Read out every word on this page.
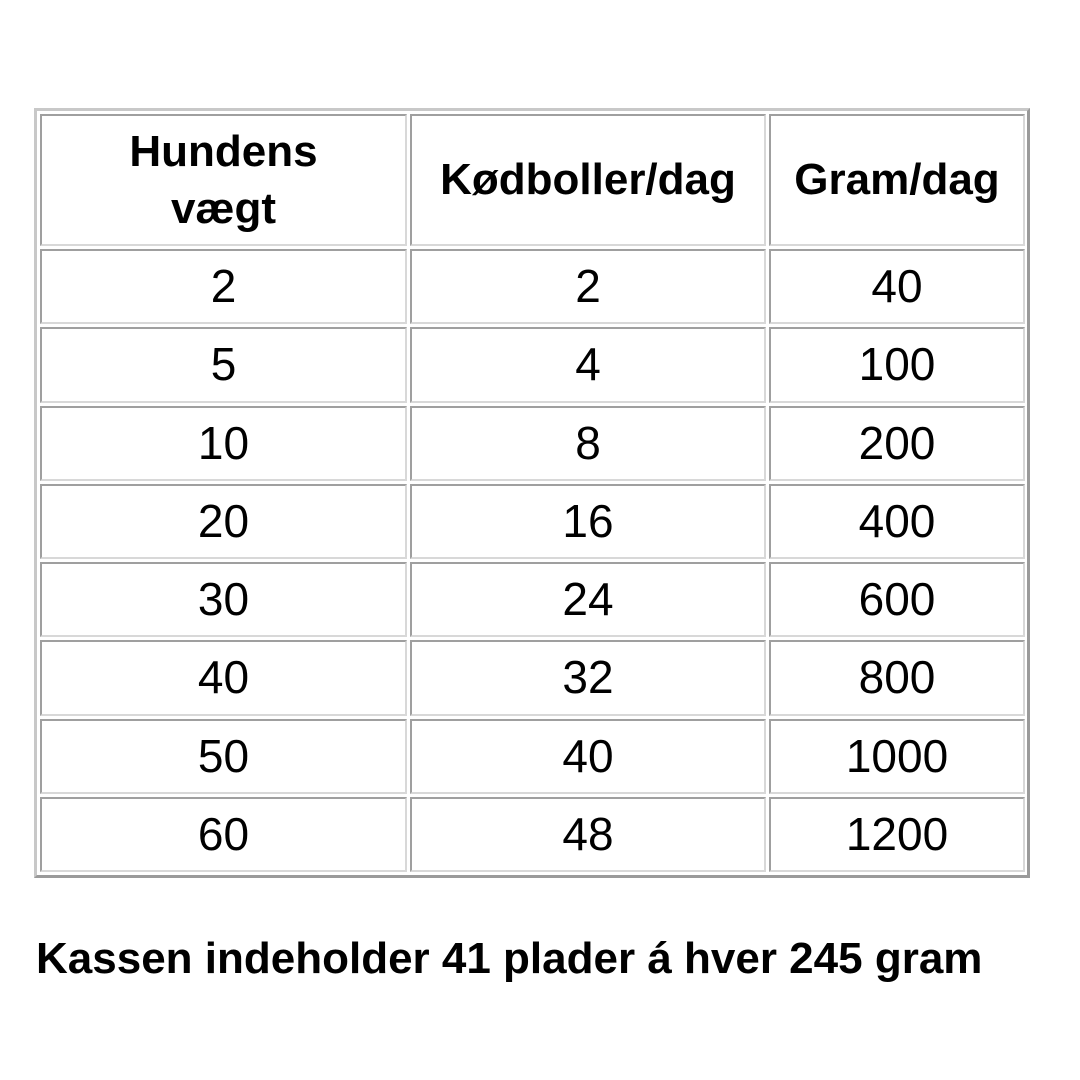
Hundens
vægt	Kødboller/dag	Gram/dag
2	2	40
5	4	100
10	8	200
20	16	400
30	24	600
40	32	800
50	40	1000
60	48	1200
Kassen indeholder 41 plader á hver 245 gram
